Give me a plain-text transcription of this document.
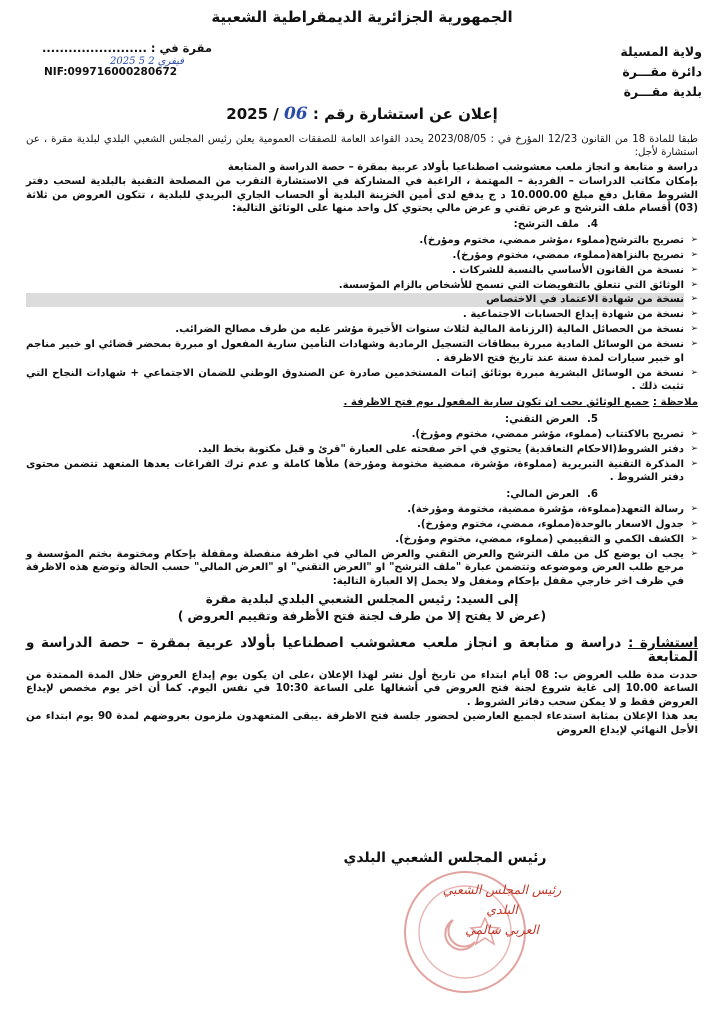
الجمهورية الجزائرية الديمقراطية الشعبية
ولاية المسيلة
دائرة مقـــرة
بلدية مقـــرة
مقرة في : ........................
2025 ﻓﻴﻔﺮﻱ 2 5
NIF:099716000280672
إعلان عن استشارة رقم : 06 / 2025

طبقا للمادة 18 من القانون 12/23 المؤرخ في : 2023/08/05 يحدد القواعد العامة للصفقات العمومية يعلن رئيس المجلس الشعبي البلدي لبلدية مقرة ، عن استشارة لأجل:

دراسة و متابعة و انجاز ملعب معشوشب اصطناعيا بأولاد عربية بمقرة – حصة الدراسة و المتابعة

بإمكان مكاتب الدراسات – الفردية – المهتمة ، الراغبة في المشاركة في الاستشارة التقرب من المصلحة التقنية بالبلدية لسحب دفتر الشروط مقابل دفع مبلغ 10.000.00 د ج يدفع لدى أمين الخزينة البلدية أو الحساب الجاري البريدي للبلدية ، تتكون العروض من ثلاثة (03) أقسام ملف الترشح و عرض تقني و عرض مالي يحتوي كل واحد منها على الوثائق التالية:

4.ملف الترشح:
➢ تصريح بالترشح(مملوء ،مؤشر ممضي، مختوم ومؤرخ).
➢ تصريح بالنزاهة(مملوء، ممضي، مختوم ومؤرخ).
➢ نسخة من القانون الأساسي بالنسبة للشركات .
➢ الوثائق التي تتعلق بالتفويضات التي تسمح للأشخاص بالزام المؤسسة.
➢ نسخة من شهادة الاعتماد في الاختصاص
➢ نسخة من شهادة إيداع الحسابات الاجتماعية .
➢ نسخة من الحصائل المالية (الرزنامة المالية لثلاث سنوات الأخيرة مؤشر عليه من طرف مصالح الضرائب.
➢ نسخة من الوسائل المادية مبررة ببطاقات التسجيل الرمادية وشهادات التأمين سارية المفعول او مبررة بمحضر قضائي او خبير مناجم او خبير سيارات لمدة سنة عند تاريخ فتح الاظرفة .
➢ نسخة من الوسائل البشرية مبررة بوثائق إثبات المستخدمين صادرة عن الصندوق الوطني للضمان الاجتماعي + شهادات النجاح التي تثبت ذلك .
ملاحظة : جميع الوثائق يجب ان تكون سارية المفعول يوم فتح الاظرفة .
5.العرض التقني:
➢ تصريح بالاكتتاب (مملوء، مؤشر ممضي، مختوم ومؤرخ).
➢ دفتر الشروط(الاحكام التعاقدية) يحتوي في اخر صفحته على العبارة "قرئ و قبل مكتوبة بخط اليد.
➢ المذكرة التقنية التبريرية (مملوءة، مؤشرة، ممضية مختومة ومؤرخة) ملأها كاملة و عدم ترك الفراغات يعدها المتعهد تتضمن محتوى دفتر الشروط .
6.العرض المالي:
➢ رسالة التعهد(مملوءة، مؤشرة ممضية، مختومة ومؤرخة).
➢ جدول الاسعار بالوحدة(مملوء، ممضي، مختوم ومؤرخ).
➢ الكشف الكمي و التقييمي (مملوء، ممضي، مختوم ومؤرخ).
➢ يجب ان يوضع كل من ملف الترشح والعرض التقني والعرض المالي في اظرفة منفصلة ومقفلة بإحكام ومختومة بختم المؤسسة و مرجع طلب العرض وموضوعه وتتضمن عبارة "ملف الترشح" او "العرض التقني" او "العرض المالي" حسب الحالة وتوضع هذه الاظرفة في ظرف اخر خارجي مقفل بإحكام ومغفل ولا يحمل إلا العبارة التالية:
إلى السيد: رئيس المجلس الشعبي البلدي لبلدية مقرة
(عرض لا يفتح إلا من طرف لجنة فتح الأظرفة وتقييم العروض )
استشارة : دراسة و متابعة و انجاز ملعب معشوشب اصطناعيا بأولاد عربية بمقرة – حصة الدراسة و المتابعة

حددت مدة طلب العروض ب: 08 أيام ابتداء من تاريخ أول نشر لهذا الإعلان ،على ان يكون يوم إيداع العروض خلال المدة الممتدة من الساعة 10.00 إلى غاية شروع لجنة فتح العروض في أشغالها على الساعة 10:30 في نفس اليوم. كما أن اخر يوم مخصص لإيداع العروض فقط و لا يمكن سحب دفاتر الشروط .

يعد هذا الإعلان بمثابة استدعاء لجميع العارضين لحضور جلسة فتح الاظرفة .يبقى المتعهدون ملزمون بعروضهم لمدة 90 يوم ابتداء من الأجل النهائي لإيداع العروض

رئيس المجلس الشعبي البلدي
رئيس المجلس الشعبي البلدي
العربي سالمي
